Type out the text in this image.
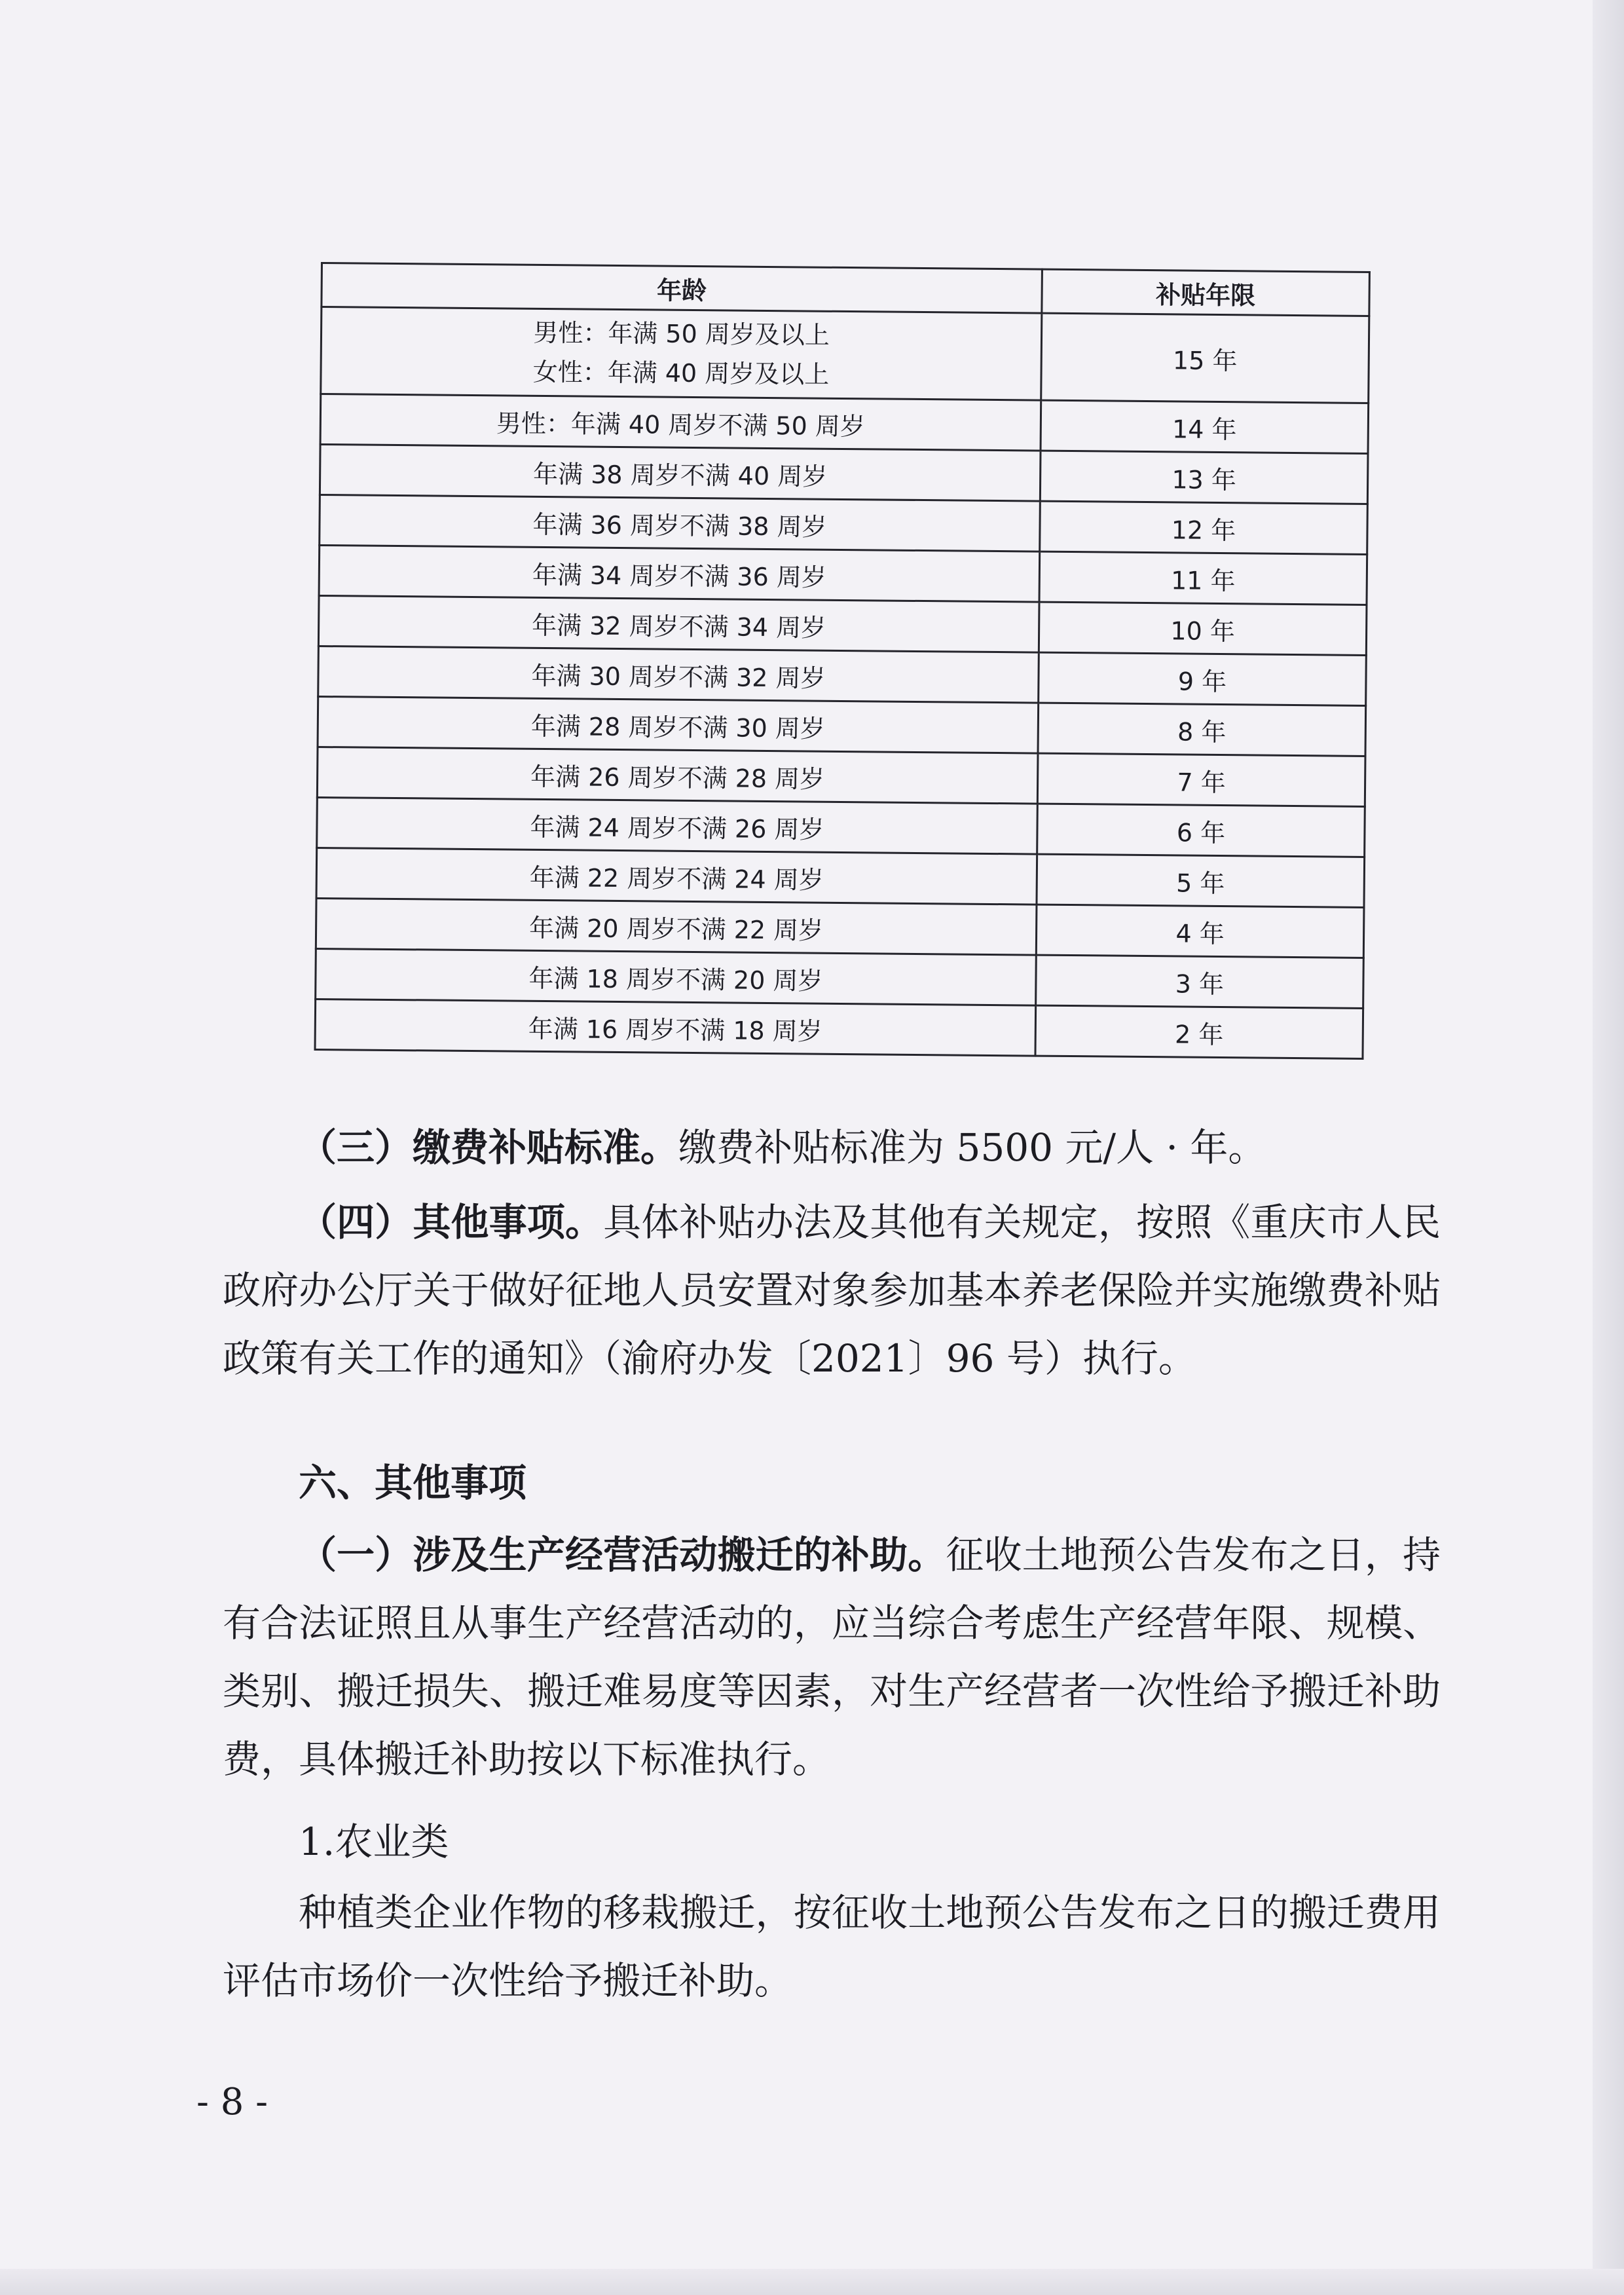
年龄	补贴年限

男性：年满 50 周岁及以上
女性：年满 40 周岁及以上	15 年
男性：年满 40 周岁不满 50 周岁	14 年
年满 38 周岁不满 40 周岁	13 年
年满 36 周岁不满 38 周岁	12 年
年满 34 周岁不满 36 周岁	11 年
年满 32 周岁不满 34 周岁	10 年
年满 30 周岁不满 32 周岁	9 年
年满 28 周岁不满 30 周岁	8 年
年满 26 周岁不满 28 周岁	7 年
年满 24 周岁不满 26 周岁	6 年
年满 22 周岁不满 24 周岁	5 年
年满 20 周岁不满 22 周岁	4 年
年满 18 周岁不满 20 周岁	3 年
年满 16 周岁不满 18 周岁	2 年

（三）缴费补贴标准。缴费补贴标准为 5500 元/人 · 年。

（四）其他事项。具体补贴办法及其他有关规定，按照《重庆市人民政府办公厅关于做好征地人员安置对象参加基本养老保险并实施缴费补贴政策有关工作的通知》（渝府办发〔2021〕96 号）执行。

六、其他事项

（一）涉及生产经营活动搬迁的补助。征收土地预公告发布之日，持有合法证照且从事生产经营活动的，应当综合考虑生产经营年限、规模、类别、搬迁损失、搬迁难易度等因素，对生产经营者一次性给予搬迁补助费，具体搬迁补助按以下标准执行。

1.农业类

种植类企业作物的移栽搬迁，按征收土地预公告发布之日的搬迁费用评估市场价一次性给予搬迁补助。

- 8 -
